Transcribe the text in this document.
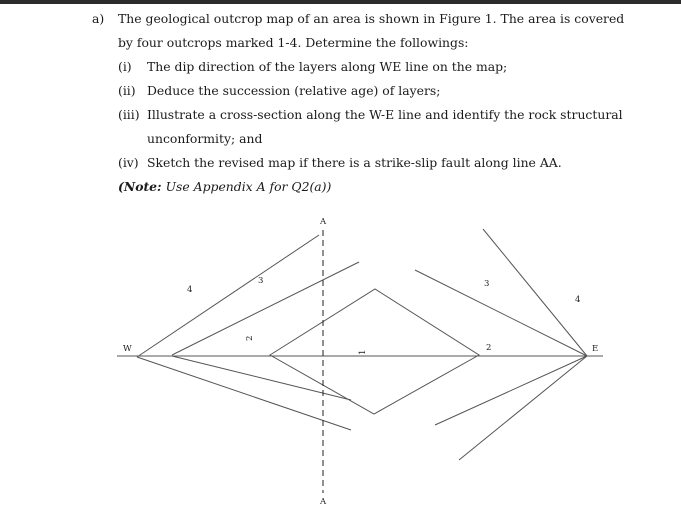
a) The geological outcrop map of an area is shown in Figure 1. The area is covered
by four outcrops marked 1-4. Determine the followings:
(i) The dip direction of the layers along WE line on the map;
(ii) Deduce the succession (relative age) of layers;
(iii) Illustrate a cross-section along the W-E line and identify the rock structural
unconformity; and
(iv) Sketch the revised map if there is a strike-slip fault along line AA.
(Note: Use Appendix A for Q2(a))
A
A
W	E
4
3
2
1
3
4
2
